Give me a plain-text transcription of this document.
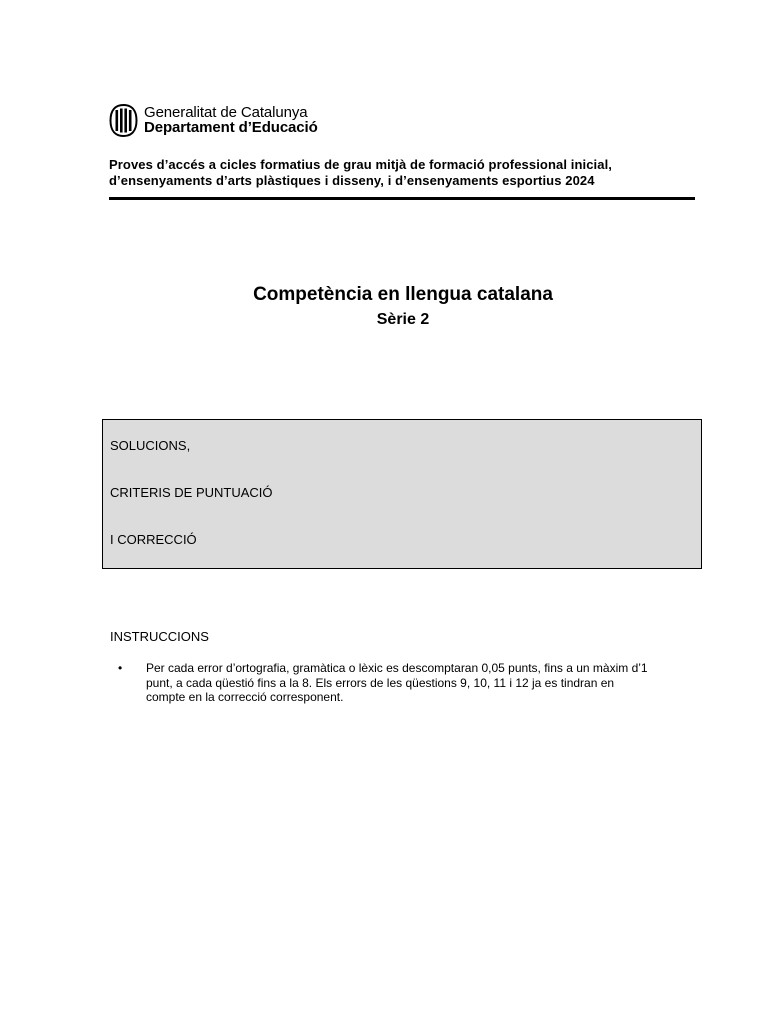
Generalitat de Catalunya
Departament d’Educació
Proves d’accés a cicles formatius de grau mitjà de formació professional inicial,
d’ensenyaments d’arts plàstiques i disseny, i d’ensenyaments esportius 2024
Competència en llengua catalana
Sèrie 2
SOLUCIONS,
CRITERIS DE PUNTUACIÓ
I CORRECCIÓ
INSTRUCCIONS
• Per cada error d’ortografia, gramàtica o lèxic es descomptaran 0,05 punts, fins a un màxim d’1
punt, a cada qüestió fins a la 8. Els errors de les qüestions 9, 10, 11 i 12 ja es tindran en
compte en la correcció corresponent.
